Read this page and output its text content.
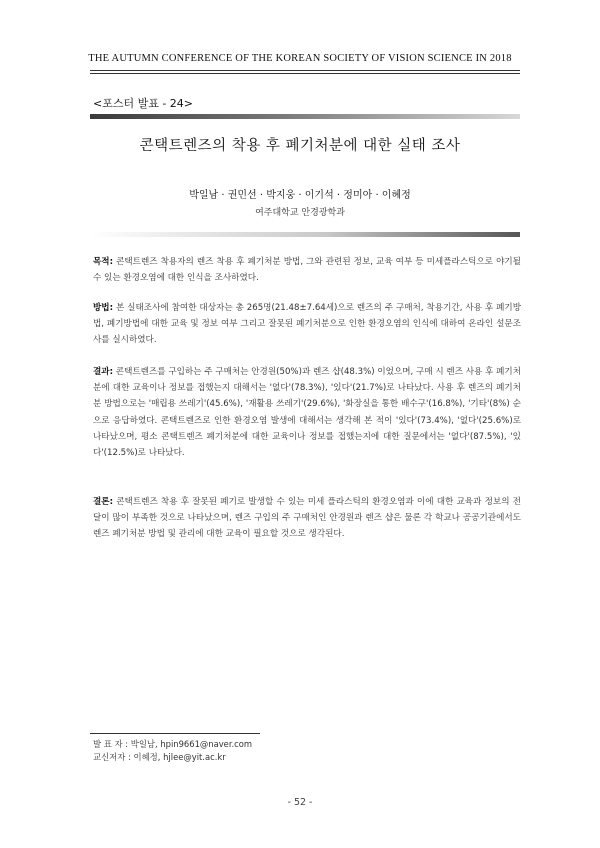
THE AUTUMN CONFERENCE OF THE KOREAN SOCIETY OF VISION SCIENCE IN 2018
<포스터 발표 - 24>
콘택트렌즈의 착용 후 폐기처분에 대한 실태 조사
박일남 · 권민선 · 박지웅 · 이기석 · 정미아 · 이혜정
여주대학교 안경광학과
목적: 콘택트렌즈 착용자의 렌즈 착용 후 폐기처분 방법, 그와 관련된 정보, 교육 여부 등 미세플라스틱으로 야기될 수 있는 환경오염에 대한 인식을 조사하였다.
방법: 본 실태조사에 참여한 대상자는 총 265명(21.48±7.64세)으로 렌즈의 주 구매처, 착용기간, 사용 후 폐기방법, 폐기방법에 대한 교육 및 정보 여부 그리고 잘못된 폐기처분으로 인한 환경오염의 인식에 대하여 온라인 설문조사를 실시하였다.
결과: 콘택트렌즈를 구입하는 주 구매처는 안경원(50%)과 렌즈 샵(48.3%) 이었으며, 구매 시 렌즈 사용 후 폐기처분에 대한 교육이나 정보를 접했는지 대해서는 '없다'(78.3%), '있다'(21.7%)로 나타났다. 사용 후 렌즈의 폐기처분 방법으로는 '매립용 쓰레기'(45.6%), '재활용 쓰레기'(29.6%), '화장실을 통한 배수구'(16.8%), '기타'(8%) 순으로 응답하였다. 콘택트렌즈로 인한 환경오염 발생에 대해서는 생각해 본 적이 '있다'(73.4%), '없다'(25.6%)로 나타났으며, 평소 콘택트렌즈 폐기처분에 대한 교육이나 정보를 접했는지에 대한 질문에서는 '없다'(87.5%), '있다'(12.5%)로 나타났다.
결론: 콘택트렌즈 착용 후 잘못된 폐기로 발생할 수 있는 미세 플라스틱의 환경오염과 이에 대한 교육과 정보의 전달이 많이 부족한 것으로 나타났으며, 렌즈 구입의 주 구매처인 안경원과 렌즈 샵은 물론 각 학교나 공공기관에서도 렌즈 폐기처분 방법 및 관리에 대한 교육이 필요할 것으로 생각된다.
발 표 자 : 박일남, hpin9661@naver.com
교신저자 : 이혜정, hjlee@yit.ac.kr
- 52 -
